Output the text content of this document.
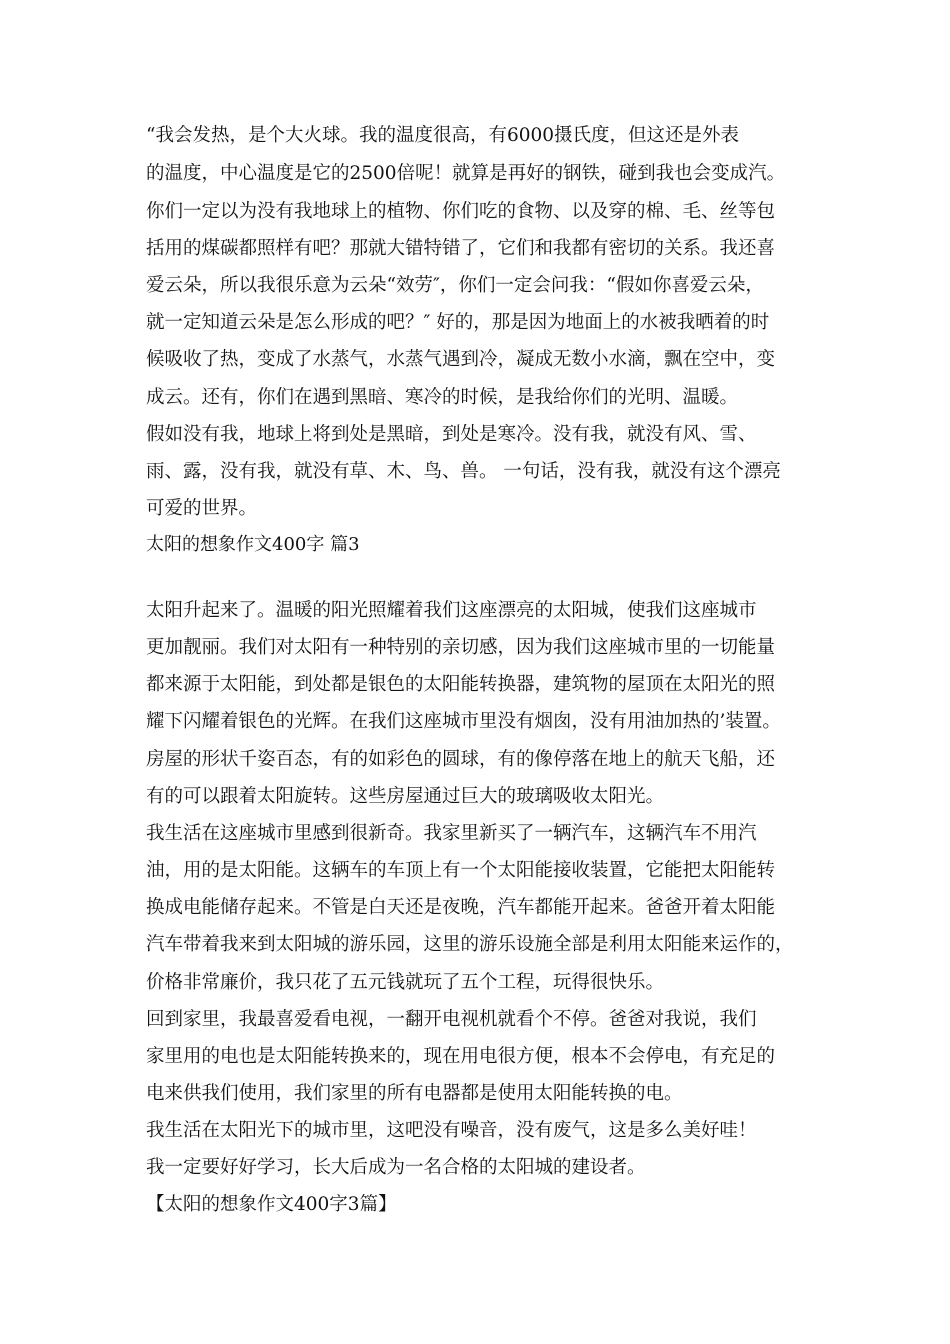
“我会发热，是个大火球。我的温度很高，有6000摄氏度，但这还是外表
的温度，中心温度是它的2500倍呢！就算是再好的钢铁，碰到我也会变成汽。
你们一定以为没有我地球上的植物、你们吃的食物、以及穿的棉、毛、丝等包
括用的煤碳都照样有吧？那就大错特错了，它们和我都有密切的关系。我还喜
爱云朵，所以我很乐意为云朵“效劳″，你们一定会问我：“假如你喜爱云朵，
就一定知道云朵是怎么形成的吧？″ 好的，那是因为地面上的水被我晒着的时
候吸收了热，变成了水蒸气，水蒸气遇到冷，凝成无数小水滴，飘在空中，变
成云。还有，你们在遇到黑暗、寒冷的时候，是我给你们的光明、温暖。
假如没有我，地球上将到处是黑暗，到处是寒冷。没有我，就没有风、雪、
雨、露，没有我，就没有草、木、鸟、兽。 一句话，没有我，就没有这个漂亮
可爱的世界。
太阳的想象作文400字 篇3
太阳升起来了。温暖的阳光照耀着我们这座漂亮的太阳城，使我们这座城市
更加靓丽。我们对太阳有一种特别的亲切感，因为我们这座城市里的一切能量
都来源于太阳能，到处都是银色的太阳能转换器，建筑物的屋顶在太阳光的照
耀下闪耀着银色的光辉。在我们这座城市里没有烟囱，没有用油加热的’装置。
房屋的形状千姿百态，有的如彩色的圆球，有的像停落在地上的航天飞船，还
有的可以跟着太阳旋转。这些房屋通过巨大的玻璃吸收太阳光。
我生活在这座城市里感到很新奇。我家里新买了一辆汽车，这辆汽车不用汽
油，用的是太阳能。这辆车的车顶上有一个太阳能接收装置，它能把太阳能转
换成电能储存起来。不管是白天还是夜晚，汽车都能开起来。爸爸开着太阳能
汽车带着我来到太阳城的游乐园，这里的游乐设施全部是利用太阳能来运作的，
价格非常廉价，我只花了五元钱就玩了五个工程，玩得很快乐。
回到家里，我最喜爱看电视，一翻开电视机就看个不停。爸爸对我说，我们
家里用的电也是太阳能转换来的，现在用电很方便，根本不会停电，有充足的
电来供我们使用，我们家里的所有电器都是使用太阳能转换的电。
我生活在太阳光下的城市里，这吧没有噪音，没有废气，这是多么美好哇！
我一定要好好学习，长大后成为一名合格的太阳城的建设者。
【太阳的想象作文400字3篇】
